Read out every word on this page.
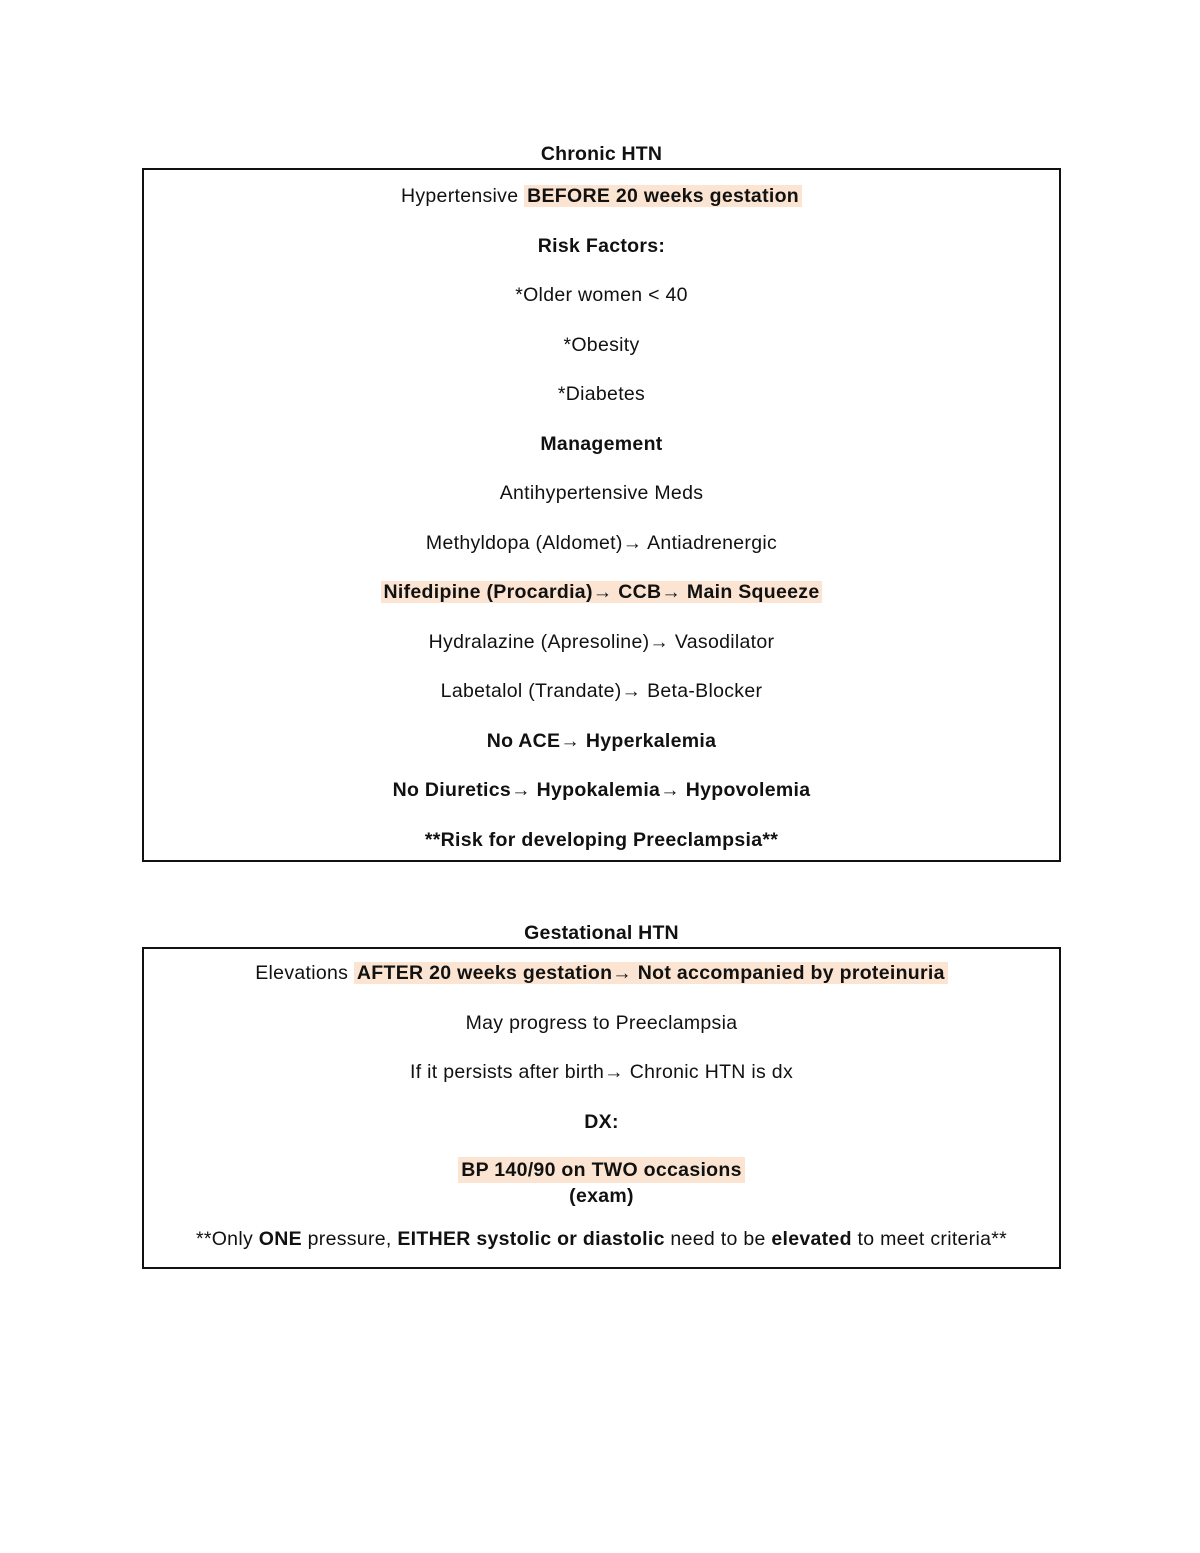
Chronic HTN
Hypertensive BEFORE 20 weeks gestation
Risk Factors:
*Older women < 40
*Obesity
*Diabetes
Management
Antihypertensive Meds
Methyldopa (Aldomet)→ Antiadrenergic
Nifedipine (Procardia)→ CCB→ Main Squeeze
Hydralazine (Apresoline)→ Vasodilator
Labetalol (Trandate)→ Beta-Blocker
No ACE→ Hyperkalemia
No Diuretics→ Hypokalemia→ Hypovolemia
**Risk for developing Preeclampsia**
Gestational HTN
Elevations AFTER 20 weeks gestation→ Not accompanied by proteinuria
May progress to Preeclampsia
If it persists after birth→ Chronic HTN is dx
DX:
BP 140/90 on TWO occasions
(exam)
**Only ONE pressure, EITHER systolic or diastolic need to be elevated to meet criteria**
